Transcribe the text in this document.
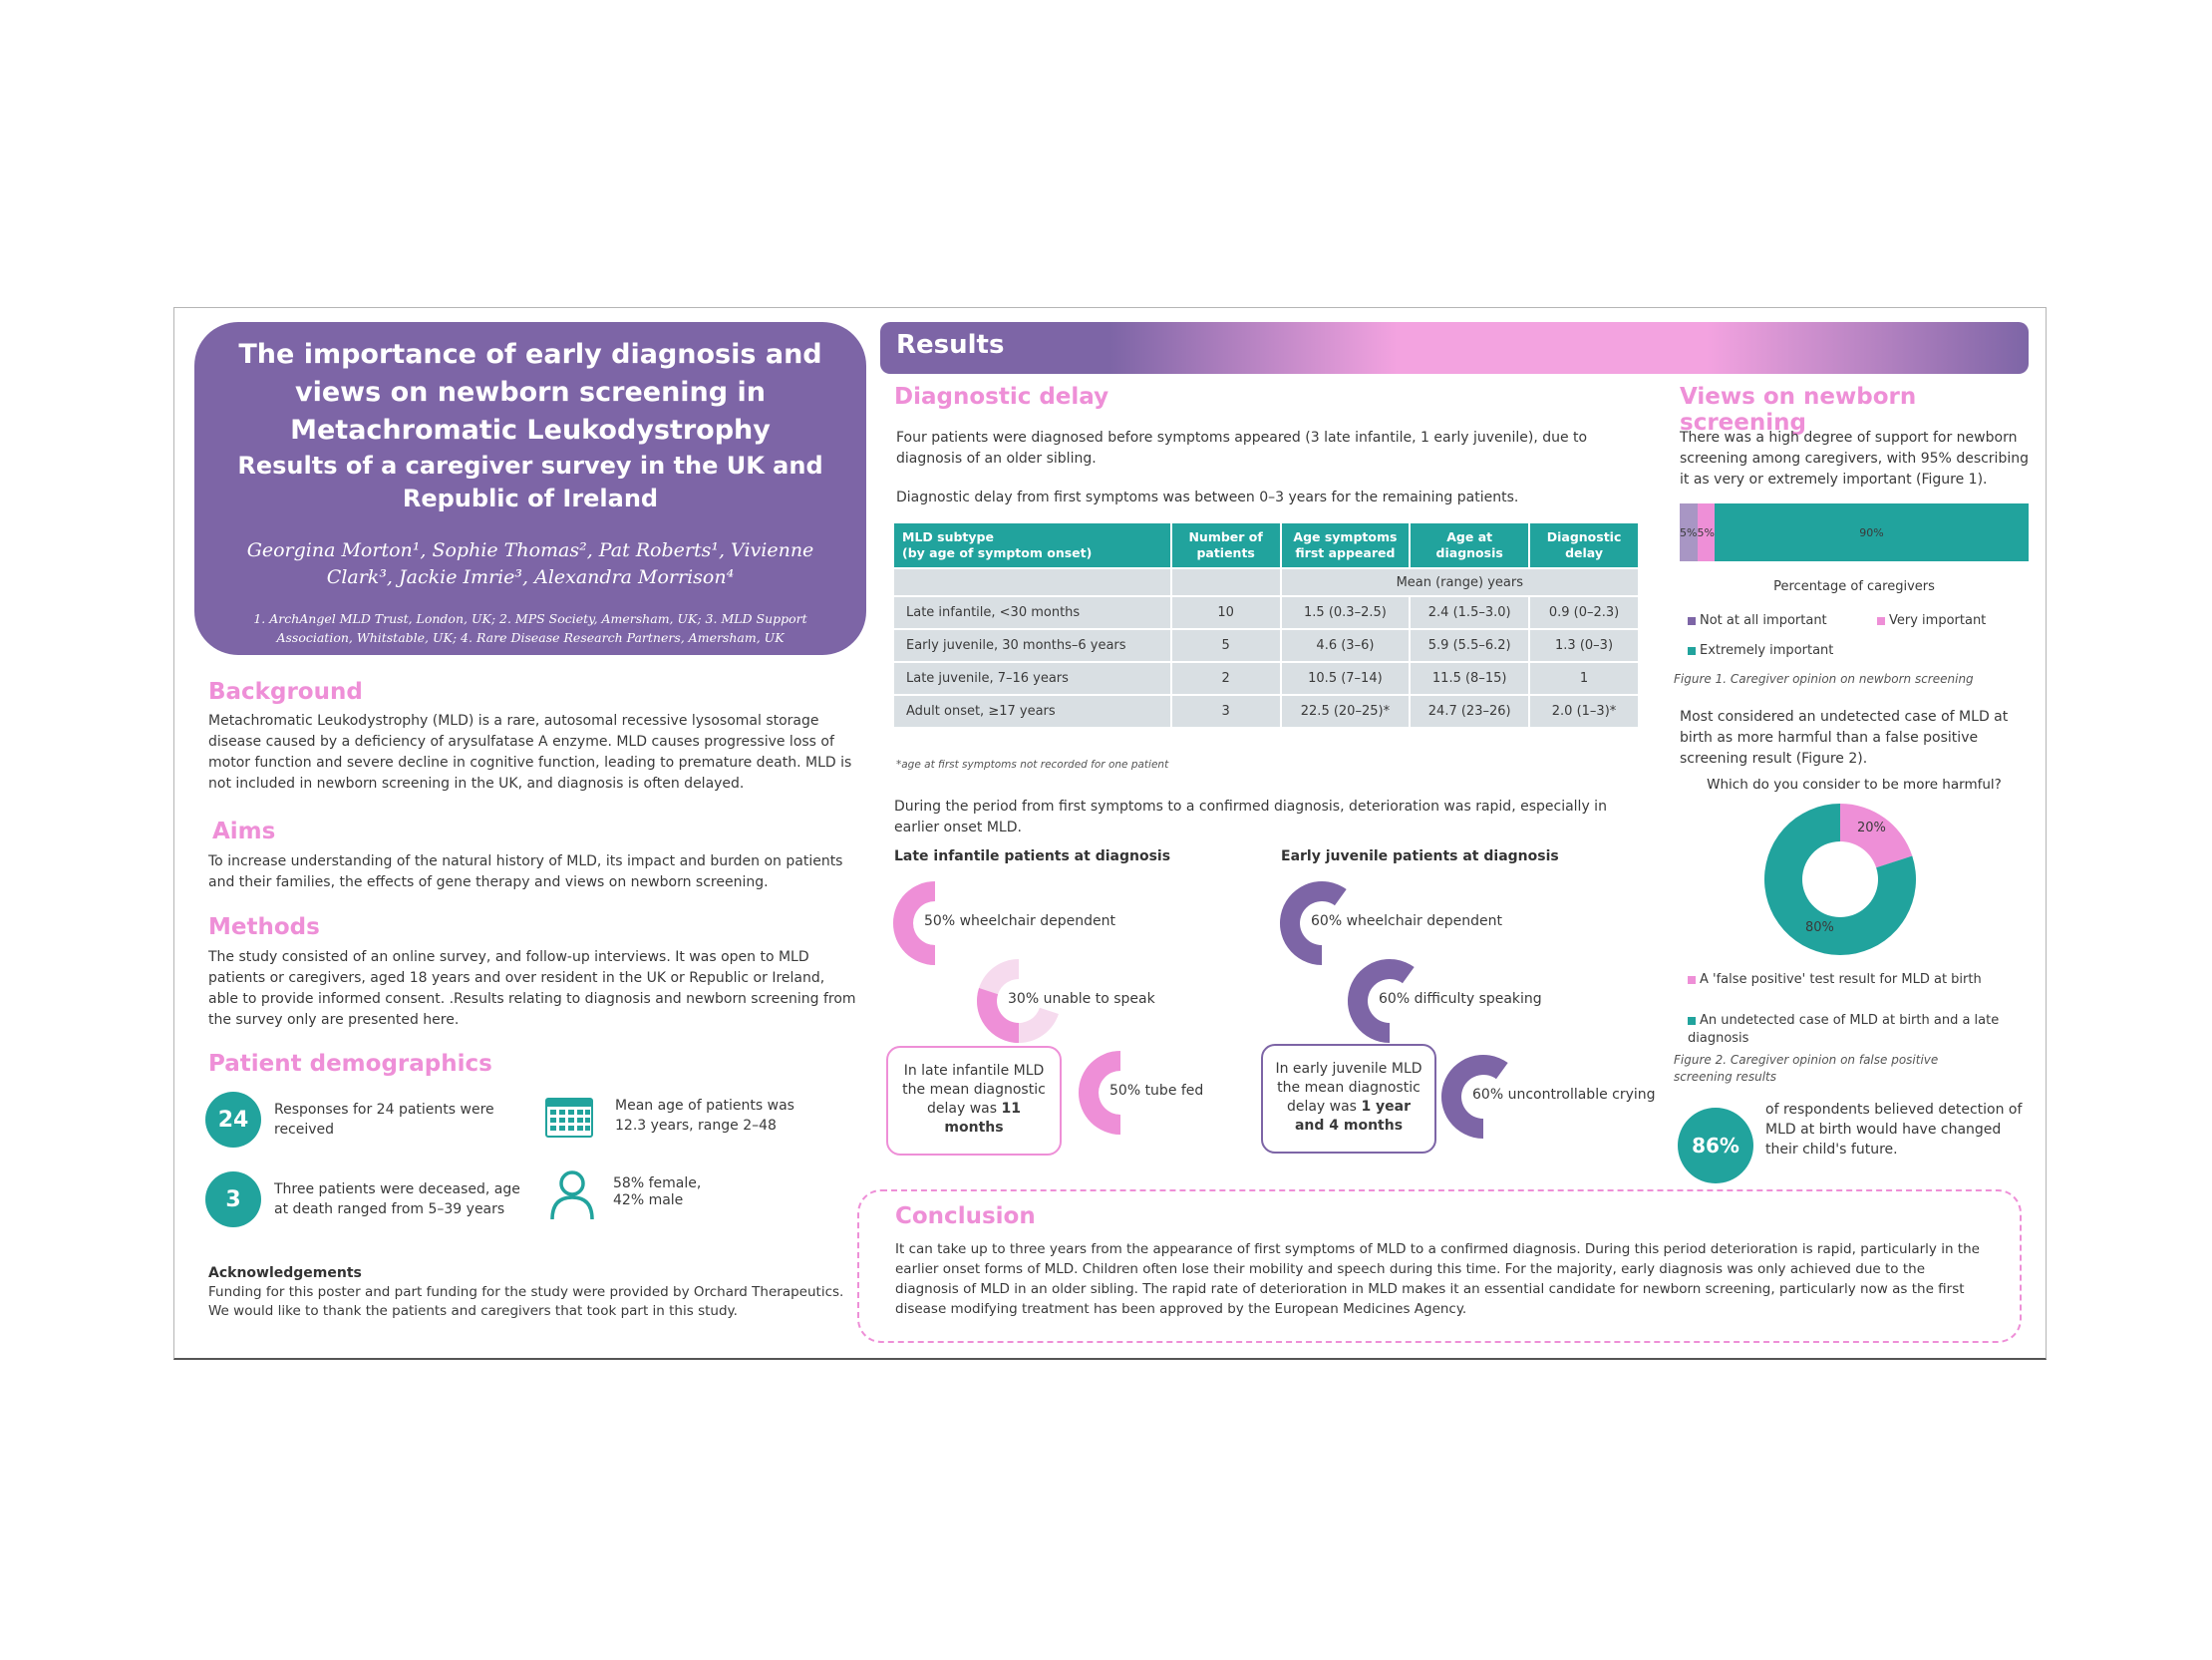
The importance of early diagnosis and views on newborn screening in Metachromatic Leukodystrophy
Results of a caregiver survey in the UK and Republic of Ireland
Georgina Morton¹, Sophie Thomas², Pat Roberts¹, Vivienne Clark³, Jackie Imrie³, Alexandra Morrison⁴
1. ArchAngel MLD Trust, London, UK; 2. MPS Society, Amersham, UK; 3. MLD Support Association, Whitstable, UK; 4. Rare Disease Research Partners, Amersham, UK
Background
Metachromatic Leukodystrophy (MLD) is a rare, autosomal recessive lysosomal storage disease caused by a deficiency of arysulfatase A enzyme. MLD causes progressive loss of motor function and severe decline in cognitive function, leading to premature death. MLD is not included in newborn screening in the UK, and diagnosis is often delayed.
Aims
To increase understanding of the natural history of MLD, its impact and burden on patients and their families, the effects of gene therapy and views on newborn screening.
Methods
The study consisted of an online survey, and follow-up interviews. It was open to MLD patients or caregivers, aged 18 years and over resident in the UK or Republic or Ireland, able to provide informed consent. .Results relating to diagnosis and newborn screening from the survey only are presented here.
Patient demographics
24	Responses for 24 patients were received
3	Three patients were deceased, age at death ranged from 5–39 years
Mean age of patients was 12.3 years, range 2–48
58% female, 42% male
Acknowledgements
Funding for this poster and part funding for the study were provided by Orchard Therapeutics. We would like to thank the patients and caregivers that took part in this study.
Results
Diagnostic delay
Four patients were diagnosed before symptoms appeared (3 late infantile, 1 early juvenile), due to diagnosis of an older sibling.
Diagnostic delay from first symptoms was between 0–3 years for the remaining patients.
MLD subtype
(by age of symptom onset)	Number of patients	Age symptoms first appeared	Age at diagnosis	Diagnostic delay
		Mean (range) years		
Late infantile, <30 months	10	1.5 (0.3–2.5)	2.4 (1.5–3.0)	0.9 (0–2.3)
Early juvenile, 30 months–6 years	5	4.6 (3–6)	5.9 (5.5–6.2)	1.3 (0–3)
Late juvenile, 7–16 years	2	10.5 (7–14)	11.5 (8–15)	1
Adult onset, ≥17 years	3	22.5 (20–25)*	24.7 (23–26)	2.0 (1–3)*
*age at first symptoms not recorded for one patient
During the period from first symptoms to a confirmed diagnosis, deterioration was rapid, especially in earlier onset MLD.
Late infantile patients at diagnosis
50% wheelchair dependent
30% unable to speak
In late infantile MLD the mean diagnostic delay was 11 months
50% tube fed
Early juvenile patients at diagnosis
60% wheelchair dependent
60% difficulty speaking
In early juvenile MLD the mean diagnostic delay was 1 year and 4 months
60% uncontrollable crying
Views on newborn screening
There was a high degree of support for newborn screening among caregivers, with 95% describing it as very or extremely important (Figure 1).
5% 5%	90%
Percentage of caregivers
Not at all important	Very important
Extremely important
Figure 1. Caregiver opinion on newborn screening
Most considered an undetected case of MLD at birth as more harmful than a false positive screening result (Figure 2).
Which do you consider to be more harmful?
20%
80%
A 'false positive' test result for MLD at birth
An undetected case of MLD at birth and a late diagnosis
Figure 2. Caregiver opinion on false positive screening results
86%
of respondents believed detection of MLD at birth would have changed their child's future.
Conclusion
It can take up to three years from the appearance of first symptoms of MLD to a confirmed diagnosis. During this period deterioration is rapid, particularly in the earlier onset forms of MLD. Children often lose their mobility and speech during this time. For the majority, early diagnosis was only achieved due to the diagnosis of MLD in an older sibling. The rapid rate of deterioration in MLD makes it an essential candidate for newborn screening, particularly now as the first disease modifying treatment has been approved by the European Medicines Agency.
